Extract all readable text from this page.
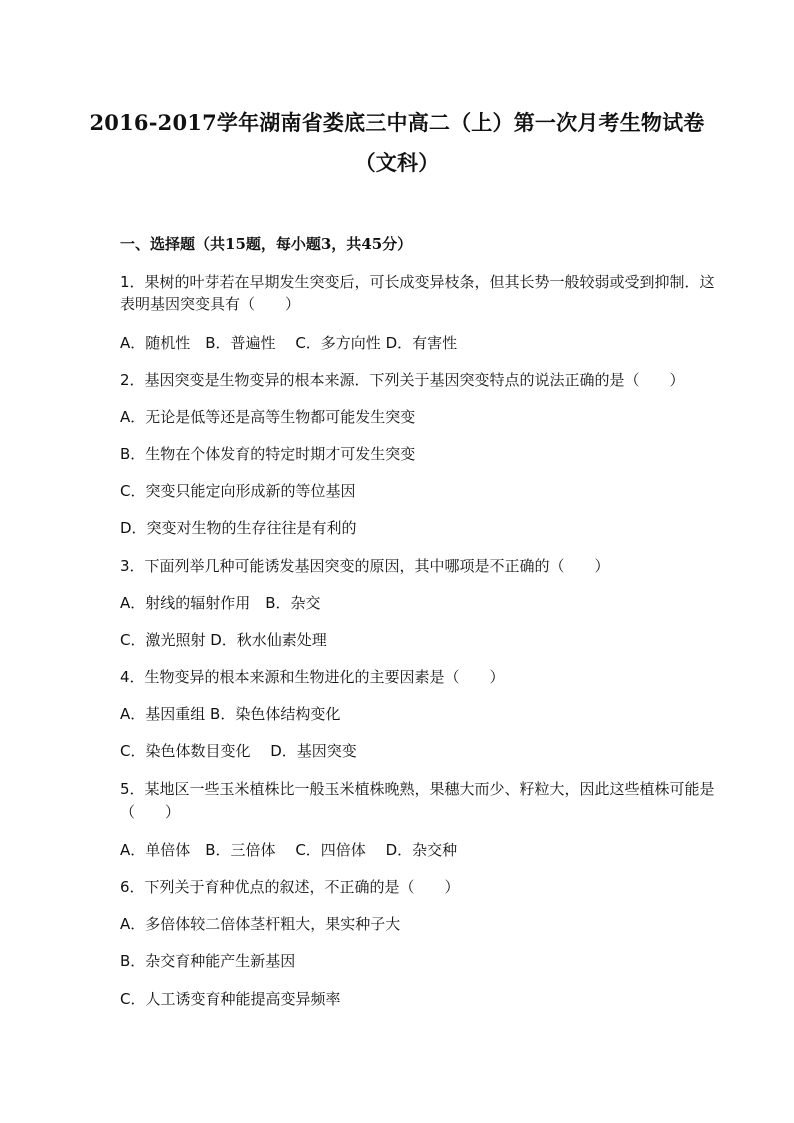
2016-2017学年湖南省娄底三中高二（上）第一次月考生物试卷
（文科）
一、选择题（共15题，每小题3，共45分）
1．果树的叶芽若在早期发生突变后，可长成变异枝条，但其长势一般较弱或受到抑制．这
表明基因突变具有（　　）
A．随机性　B．普遍性　 C．多方向性 D．有害性
2．基因突变是生物变异的根本来源．下列关于基因突变特点的说法正确的是（　　）
A．无论是低等还是高等生物都可能发生突变
B．生物在个体发育的特定时期才可发生突变
C．突变只能定向形成新的等位基因
D．突变对生物的生存往往是有利的
3．下面列举几种可能诱发基因突变的原因，其中哪项是不正确的（　　）
A．射线的辐射作用　B．杂交
C．激光照射 D．秋水仙素处理
4．生物变异的根本来源和生物进化的主要因素是（　　）
A．基因重组 B．染色体结构变化
C．染色体数目变化　 D．基因突变
5．某地区一些玉米植株比一般玉米植株晚熟，果穗大而少、籽粒大，因此这些植株可能是
（　　）
A．单倍体　B．三倍体　 C．四倍体　 D．杂交种
6．下列关于育种优点的叙述，不正确的是（　　）
A．多倍体较二倍体茎杆粗大，果实种子大
B．杂交育种能产生新基因
C．人工诱变育种能提高变异频率
